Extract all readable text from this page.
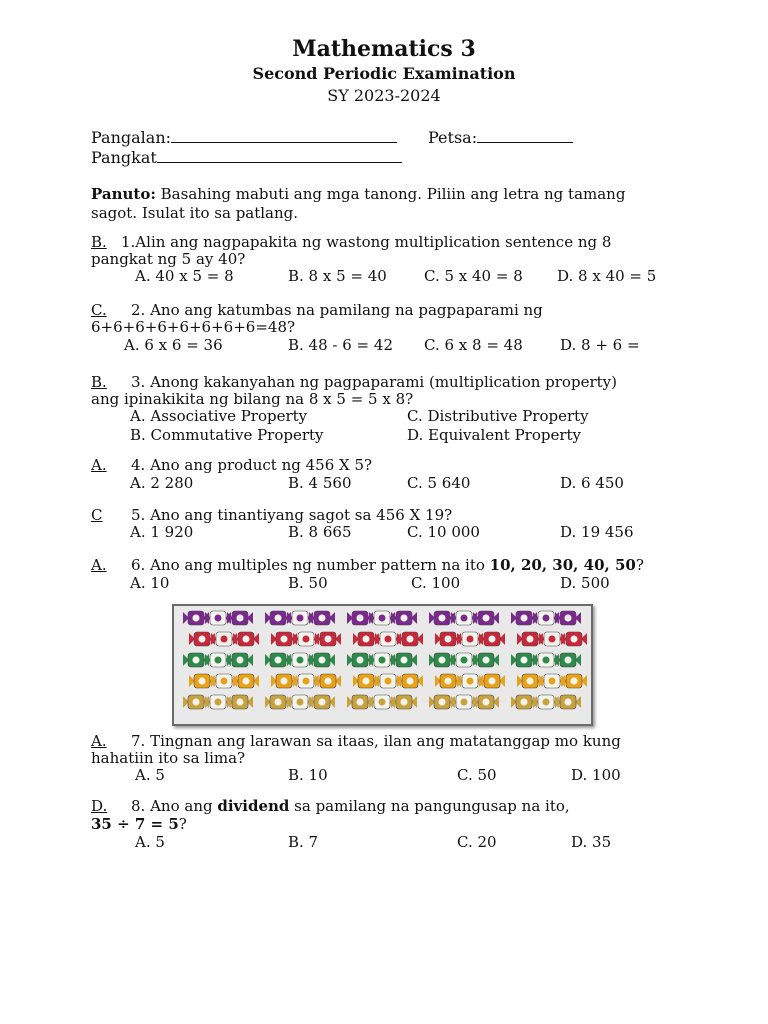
Mathematics 3
Second Periodic Examination
SY 2023-2024
Pangalan:	Petsa:
Pangkat
Panuto: Basahing mabuti ang mga tanong. Piliin ang letra ng tamang
sagot. Isulat ito sa patlang.
B. 1.Alin ang nagpapakita ng wastong multiplication sentence ng 8
pangkat ng 5 ay 40?
A. 40 x 5 = 8	B. 8 x 5 = 40 C. 5 x 40 = 8 D. 8 x 40 = 5
C. 2. Ano ang katumbas na pamilang na pagpaparami ng
6+6+6+6+6+6+6+6=48?
A. 6 x 6 = 36	B. 48 - 6 = 42 C. 6 x 8 = 48 D. 8 + 6 =
B. 3. Anong kakanyahan ng pagpaparami (multiplication property)
ang ipinakikita ng bilang na 8 x 5 = 5 x 8?
A. Associative Property	C. Distributive Property
B. Commutative Property	D. Equivalent Property
A. 4. Ano ang product ng 456 X 5?
A. 2 280	B. 4 560	C. 5 640	D. 6 450
C 5. Ano ang tinantiyang sagot sa 456 X 19?
A. 1 920	B. 8 665	C. 10 000	D. 19 456
A. 6. Ano ang multiples ng number pattern na ito 10, 20, 30, 40, 50?
A. 10	B. 50	C. 100	D. 500
A. 7. Tingnan ang larawan sa itaas, ilan ang matatanggap mo kung
hahatiin ito sa lima?
A. 5	B. 10	C. 50	D. 100
D. 8. Ano ang dividend sa pamilang na pangungusap na ito,
35 ÷ 7 = 5?
A. 5	B. 7	C. 20	D. 35
